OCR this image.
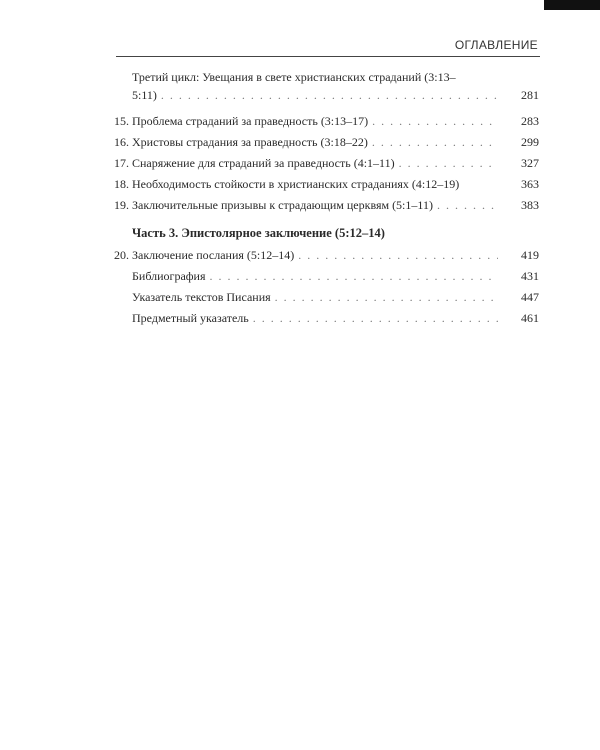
ОГЛАВЛЕНИЕ
Третий цикл: Увещания в свете христианских страданий (3:13–
5:11) . . .	281
15. Проблема страданий за праведность (3:13–17) . . .	283
16. Христовы страдания за праведность (3:18–22) . . .	299
17. Снаряжение для страданий за праведность (4:1–11) . . .	327
18. Необходимость стойкости в христианских страданиях (4:12–19)	363
19. Заключительные призывы к страдающим церквям (5:1–11) . . .	383
Часть 3. Эпистолярное заключение (5:12–14)
20. Заключение послания (5:12–14) . . .	419
Библиография . . .	431
Указатель текстов Писания . . .	447
Предметный указатель . . .	461
